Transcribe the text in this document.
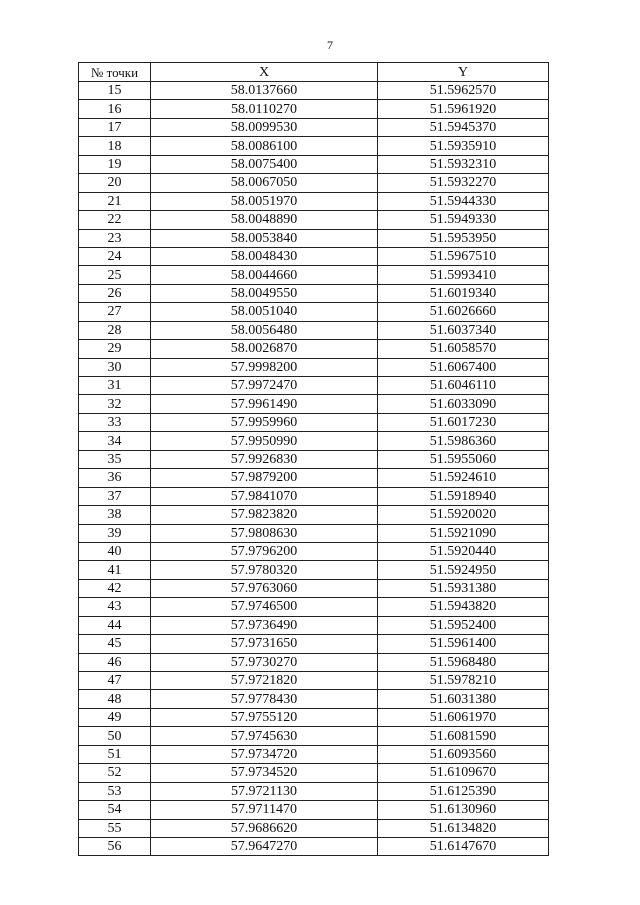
7
№ точки	X	Y
15	58.0137660	51.5962570
16	58.0110270	51.5961920
17	58.0099530	51.5945370
18	58.0086100	51.5935910
19	58.0075400	51.5932310
20	58.0067050	51.5932270
21	58.0051970	51.5944330
22	58.0048890	51.5949330
23	58.0053840	51.5953950
24	58.0048430	51.5967510
25	58.0044660	51.5993410
26	58.0049550	51.6019340
27	58.0051040	51.6026660
28	58.0056480	51.6037340
29	58.0026870	51.6058570
30	57.9998200	51.6067400
31	57.9972470	51.6046110
32	57.9961490	51.6033090
33	57.9959960	51.6017230
34	57.9950990	51.5986360
35	57.9926830	51.5955060
36	57.9879200	51.5924610
37	57.9841070	51.5918940
38	57.9823820	51.5920020
39	57.9808630	51.5921090
40	57.9796200	51.5920440
41	57.9780320	51.5924950
42	57.9763060	51.5931380
43	57.9746500	51.5943820
44	57.9736490	51.5952400
45	57.9731650	51.5961400
46	57.9730270	51.5968480
47	57.9721820	51.5978210
48	57.9778430	51.6031380
49	57.9755120	51.6061970
50	57.9745630	51.6081590
51	57.9734720	51.6093560
52	57.9734520	51.6109670
53	57.9721130	51.6125390
54	57.9711470	51.6130960
55	57.9686620	51.6134820
56	57.9647270	51.6147670
